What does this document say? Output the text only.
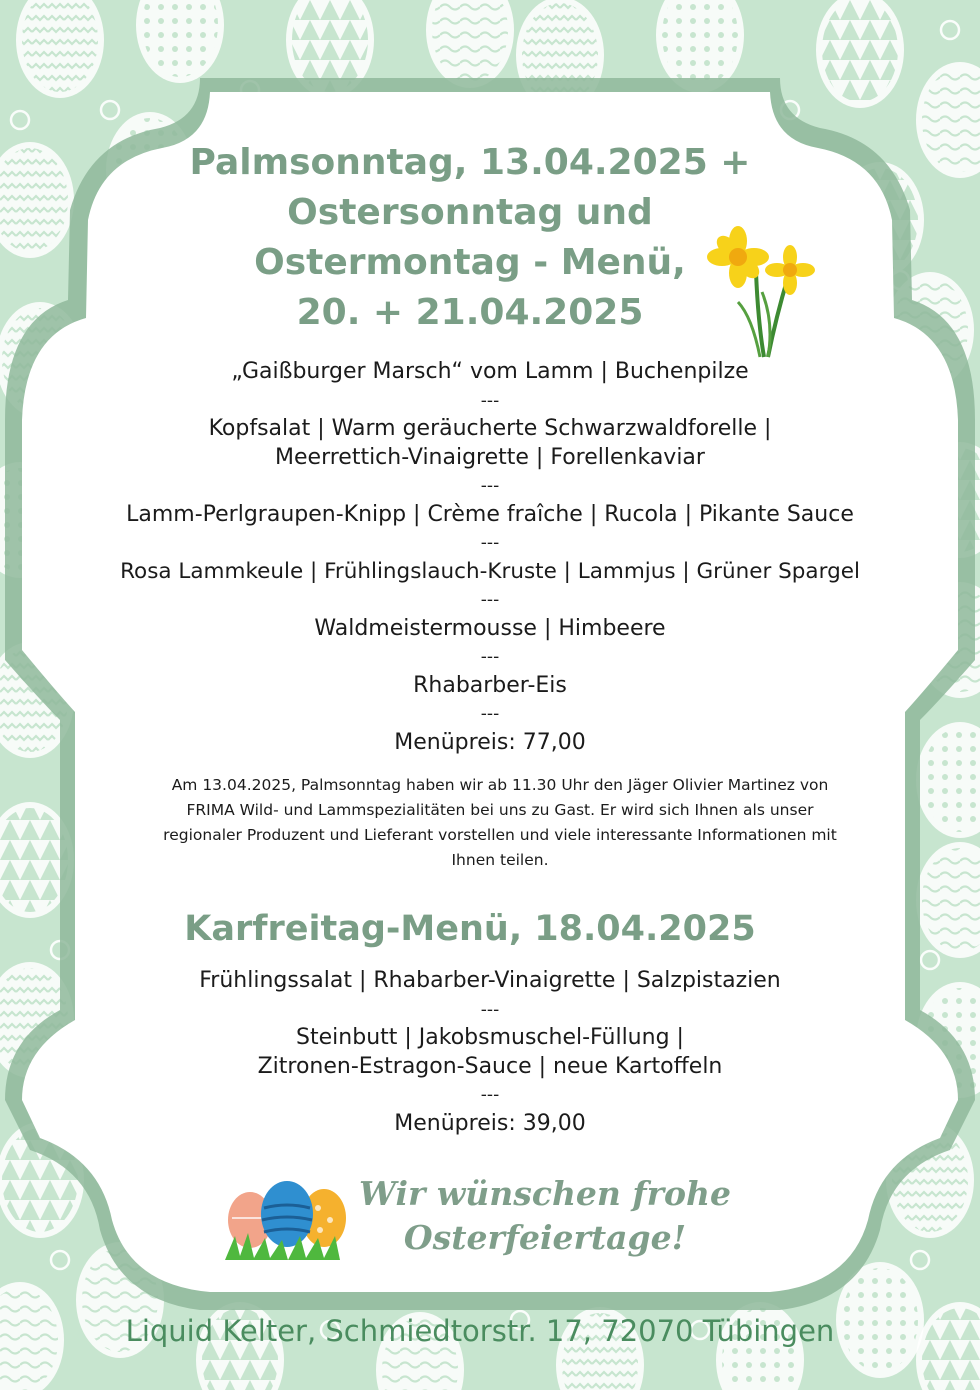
Palmsonntag, 13.04.2025 +
Ostersonntag und
Ostermontag - Menü,
20. + 21.04.2025
„Gaißburger Marsch“ vom Lamm | Buchenpilze
---
Kopfsalat | Warm geräucherte Schwarzwaldforelle |
Meerrettich-Vinaigrette | Forellenkaviar
---
Lamm-Perlgraupen-Knipp | Crème fraîche | Rucola | Pikante Sauce
---
Rosa Lammkeule | Frühlingslauch-Kruste | Lammjus | Grüner Spargel
---
Waldmeistermousse | Himbeere
---
Rhabarber-Eis
---
Menüpreis: 77,00
Am 13.04.2025, Palmsonntag haben wir ab 11.30 Uhr den Jäger Olivier Martinez von
FRIMA Wild- und Lammspezialitäten bei uns zu Gast. Er wird sich Ihnen als unser
regionaler Produzent und Lieferant vorstellen und viele interessante Informationen mit
Ihnen teilen.
Karfreitag-Menü, 18.04.2025
Frühlingssalat | Rhabarber-Vinaigrette | Salzpistazien
---
Steinbutt | Jakobsmuschel-Füllung |
Zitronen-Estragon-Sauce | neue Kartoffeln
---
Menüpreis: 39,00
Wir wünschen frohe
Osterfeiertage!
Liquid Kelter, Schmiedtorstr. 17, 72070 Tübingen
